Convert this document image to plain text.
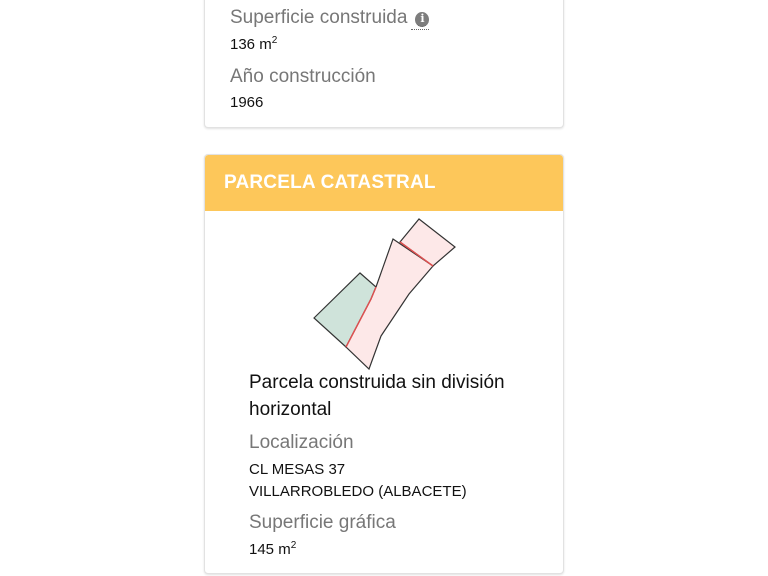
Superficie construida i
136 $m^2$
Año construcción
1966
PARCELA CATASTRAL
Parcela construida sin división horizontal
Localización
CL MESAS 37
VILLARROBLEDO (ALBACETE)
Superficie gráfica
145 $m^2$
